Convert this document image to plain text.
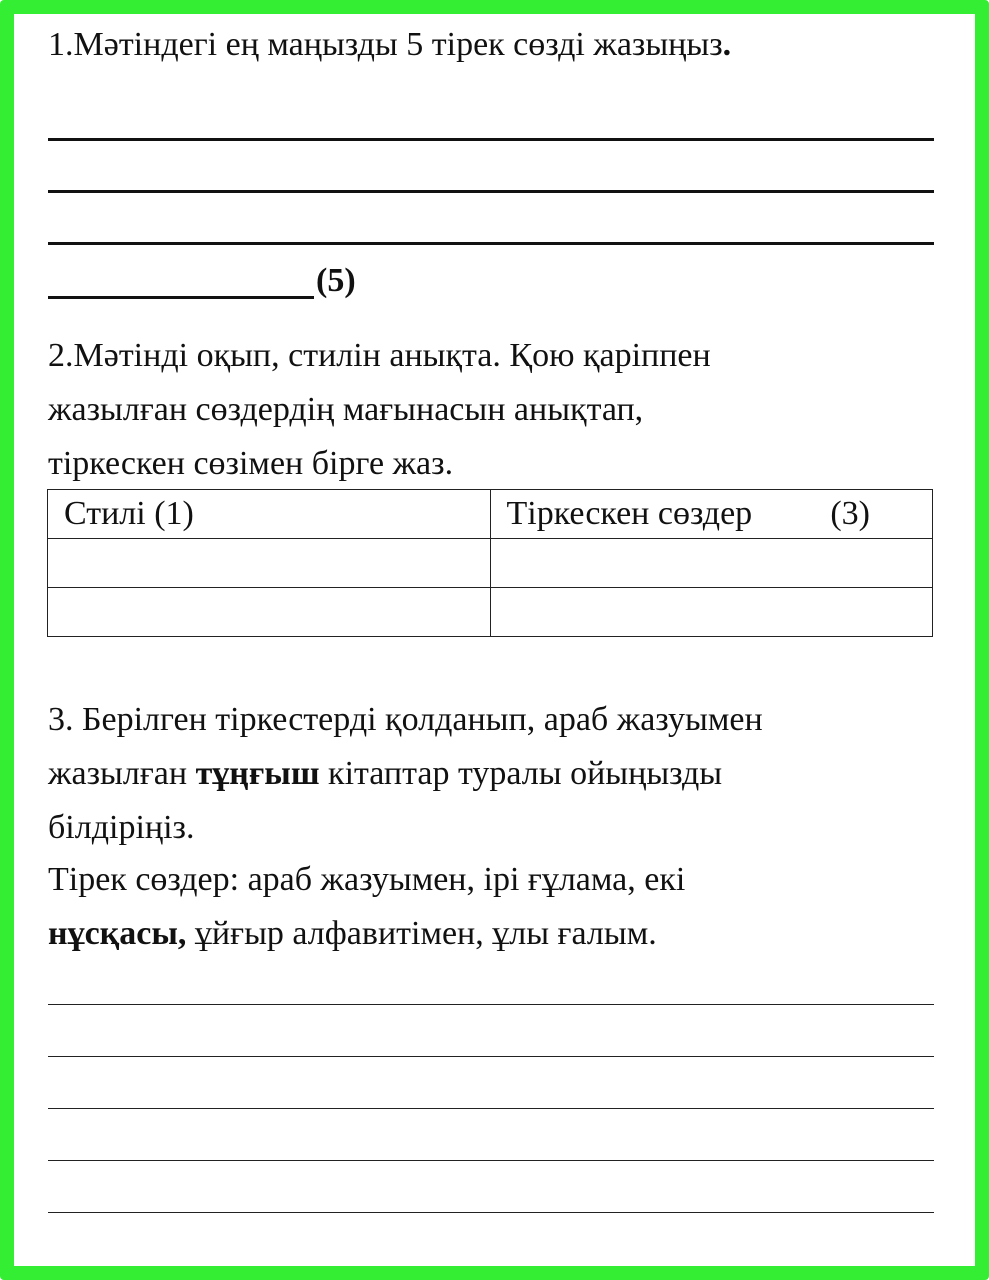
1.Мәтіндегі ең маңызды 5 тірек сөзді жазыңыз.
(5)
2.Мәтінді оқып, стилін анықта. Қою қаріппен
жазылған сөздердің мағынасын анықтап,
тіркескен сөзімен бірге жаз.
Стилі (1)	Тіркескен сөздер (3)

3. Берілген тіркестерді қолданып, араб жазуымен
жазылған тұңғыш кітаптар туралы ойыңызды
білдіріңіз.
Тірек сөздер: араб жазуымен, ірі ғұлама, екі
нұсқасы, ұйғыр алфавитімен, ұлы ғалым.
